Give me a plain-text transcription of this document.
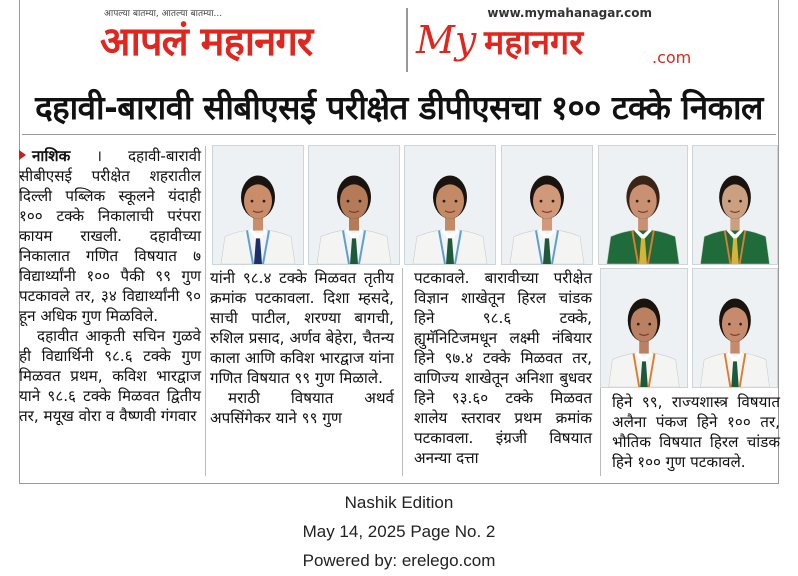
आपल्या बातम्या, आतल्या बातम्या...
आपलं महानगर
www.mymahanagar.com
My महानगर	.com
दहावी-बारावी सीबीएसई परीक्षेत डीपीएसचा १०० टक्के निकाल

नाशिक । दहावी-बारावी सीबीएसई परीक्षेत शहरातील दिल्ली पब्लिक स्कूलने यंदाही १०० टक्के निकालाची परंपरा कायम राखली. दहावीच्या निकालात गणित विषयात ७ विद्यार्थ्यांनी १०० पैकी ९९ गुण पटकावले तर, ३४ विद्यार्थ्यांनी ९० हून अधिक गुण मिळविले.

दहावीत आकृती सचिन गुळवे ही विद्यार्थिनी ९८.६ टक्के गुण मिळवत प्रथम, कविश भारद्वाज याने ९८.६ टक्के मिळवत द्वितीय तर, मयूख वोरा व वैष्णवी गंगवार

यांनी ९८.४ टक्के मिळवत तृतीय क्रमांक पटकावला. दिशा म्हसदे, साची पाटील, शरण्या बागची, रुशिल प्रसाद, अर्णव बेहेरा, चैतन्य काला आणि कविश भारद्वाज यांना गणित विषयात ९९ गुण मिळाले.

मराठी विषयात अथर्व अपसिंगेकर याने ९९ गुण

पटकावले. बारावीच्या परीक्षेत विज्ञान शाखेतून हिरल चांडक हिने ९८.६ टक्के, ह्युमॅनिटिजमधून लक्ष्मी नंबियार हिने ९७.४ टक्के मिळवत तर, वाणिज्य शाखेतून अनिशा बुधवर हिने ९३.६० टक्के मिळवत शालेय स्तरावर प्रथम क्रमांक पटकावला. इंग्रजी विषयात अनन्या दत्ता

हिने ९९, राज्यशास्त्र विषयात अलैना पंकज हिने १०० तर, भौतिक विषयात हिरल चांडक हिने १०० गुण पटकावले.

Nashik Edition
May 14, 2025 Page No. 2
Powered by: erelego.com
